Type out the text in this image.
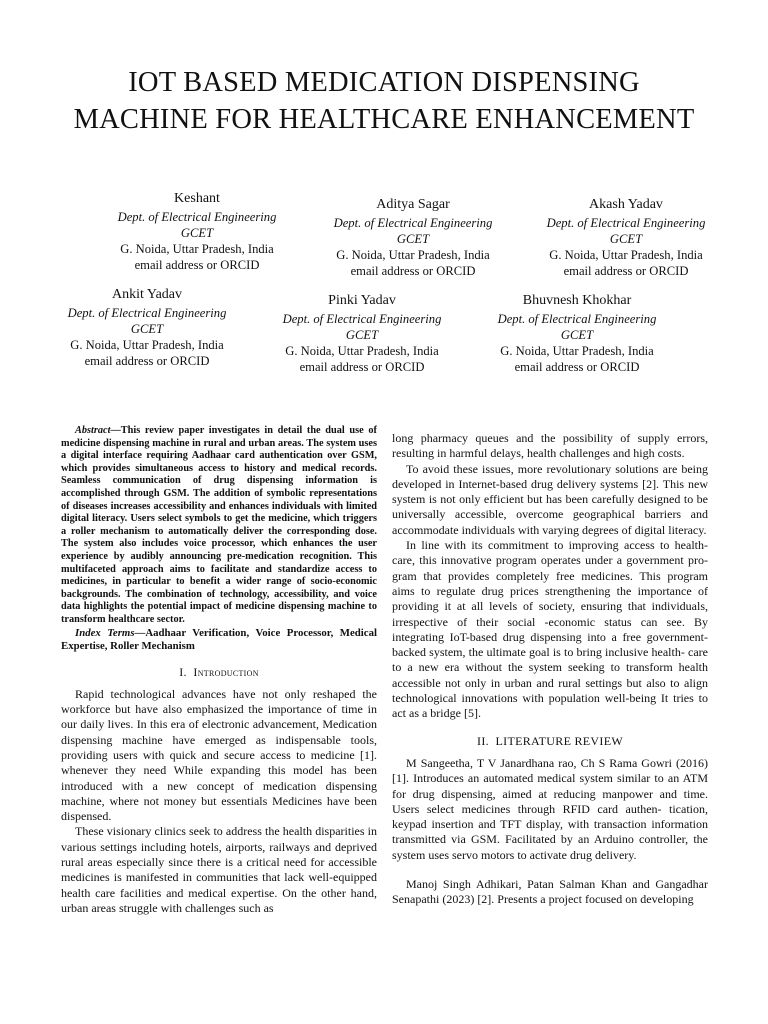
IOT BASED MEDICATION DISPENSING MACHINE FOR HEALTHCARE ENHANCEMENT
Keshant
Dept. of Electrical Engineering
GCET
G. Noida, Uttar Pradesh, India
email address or ORCID
Aditya Sagar
Dept. of Electrical Engineering
GCET
G. Noida, Uttar Pradesh, India
email address or ORCID
Akash Yadav
Dept. of Electrical Engineering
GCET
G. Noida, Uttar Pradesh, India
email address or ORCID
Ankit Yadav
Dept. of Electrical Engineering
GCET
G. Noida, Uttar Pradesh, India
email address or ORCID
Pinki Yadav
Dept. of Electrical Engineering
GCET
G. Noida, Uttar Pradesh, India
email address or ORCID
Bhuvnesh Khokhar
Dept. of Electrical Engineering
GCET
G. Noida, Uttar Pradesh, India
email address or ORCID

Abstract—This review paper investigates in detail the dual use of medicine dispensing machine in rural and urban areas. The system uses a digital interface requiring Aadhaar card authentication over GSM, which provides simultaneous access to history and medical records. Seamless communication of drug dispensing information is accomplished through GSM. The addition of symbolic representations of diseases increases accessibility and enhances individuals with limited digital literacy. Users select symbols to get the medicine, which triggers a roller mechanism to automatically deliver the corresponding dose. The system also includes voice processor, which enhances the user experience by audibly announcing pre-medication recognition. This multifaceted approach aims to facilitate and standardize access to medicines, in particular to benefit a wider range of socio-economic backgrounds. The combination of technology, accessibility, and voice data highlights the potential impact of medicine dispensing machine to transform healthcare sector.

Index Terms—Aadhaar Verification, Voice Processor, Medical Expertise, Roller Mechanism

I. Introduction

Rapid technological advances have not only reshaped the workforce but have also emphasized the importance of time in our daily lives. In this era of electronic advancement, Medication dispensing machine have emerged as indispensable tools, providing users with quick and secure access to medicine [1]. whenever they need While expanding this model has been introduced with a new concept of medication dispensing machine, where not money but essentials Medicines have been dispensed.

These visionary clinics seek to address the health disparities in various settings including hotels, airports, railways and deprived rural areas especially since there is a critical need for accessible medicines is manifested in communities that lack well-equipped health care facilities and medical expertise. On the other hand, urban areas struggle with challenges such as

long pharmacy queues and the possibility of supply errors, resulting in harmful delays, health challenges and high costs.

To avoid these issues, more revolutionary solutions are being developed in Internet-based drug delivery systems [2]. This new system is not only efficient but has been carefully designed to be universally accessible, overcome geographical barriers and accommodate individuals with varying degrees of digital literacy.

In line with its commitment to improving access to health- care, this innovative program operates under a government pro- gram that provides completely free medicines. This program aims to regulate drug prices strengthening the importance of providing it at all levels of society, ensuring that individuals, irrespective of their social -economic status can see. By integrating IoT-based drug dispensing into a free government- backed system, the ultimate goal is to bring inclusive health- care to a new era without the system seeking to transform health accessible not only in urban and rural settings but also to align technological innovations with population well-being It tries to act as a bridge [5].

II. LITERATURE REVIEW

M Sangeetha, T V Janardhana rao, Ch S Rama Gowri (2016) [1]. Introduces an automated medical system similar to an ATM for drug dispensing, aimed at reducing manpower and time. Users select medicines through RFID card authen- tication, keypad insertion and TFT display, with transaction information transmitted via GSM. Facilitated by an Arduino controller, the system uses servo motors to activate drug delivery.

Manoj Singh Adhikari, Patan Salman Khan and Gangadhar Senapathi (2023) [2]. Presents a project focused on developing
